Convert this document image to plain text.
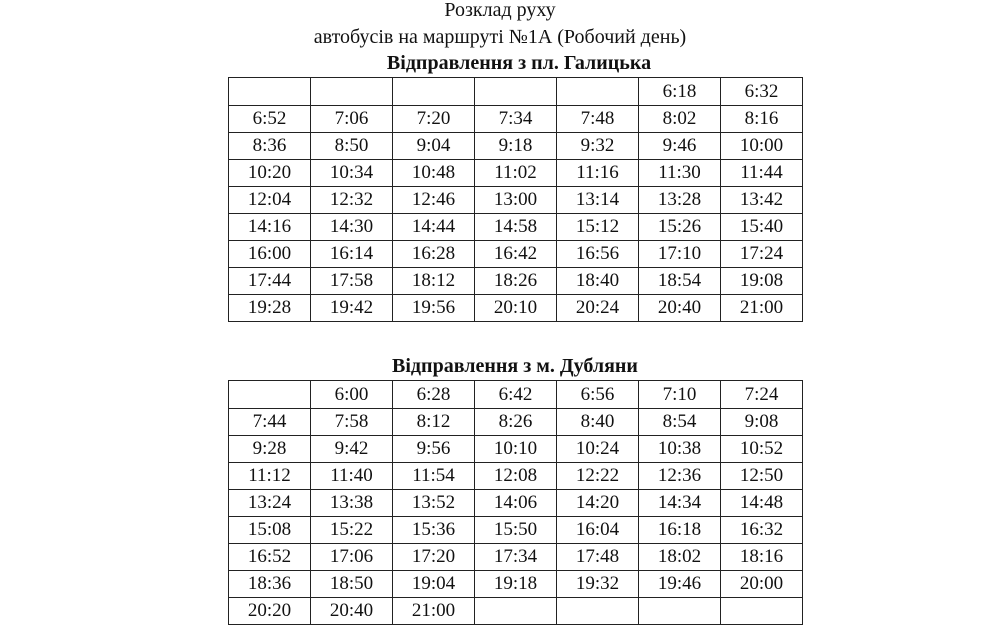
Розклад руху
автобусів на маршруті №1А (Робочий день)
Відправлення з пл. Галицька
					6:18	6:32
6:52	7:06	7:20	7:34	7:48	8:02	8:16
8:36	8:50	9:04	9:18	9:32	9:46	10:00
10:20	10:34	10:48	11:02	11:16	11:30	11:44
12:04	12:32	12:46	13:00	13:14	13:28	13:42
14:16	14:30	14:44	14:58	15:12	15:26	15:40
16:00	16:14	16:28	16:42	16:56	17:10	17:24
17:44	17:58	18:12	18:26	18:40	18:54	19:08
19:28	19:42	19:56	20:10	20:24	20:40	21:00
Відправлення з м. Дубляни
	6:00	6:28	6:42	6:56	7:10	7:24
7:44	7:58	8:12	8:26	8:40	8:54	9:08
9:28	9:42	9:56	10:10	10:24	10:38	10:52
11:12	11:40	11:54	12:08	12:22	12:36	12:50
13:24	13:38	13:52	14:06	14:20	14:34	14:48
15:08	15:22	15:36	15:50	16:04	16:18	16:32
16:52	17:06	17:20	17:34	17:48	18:02	18:16
18:36	18:50	19:04	19:18	19:32	19:46	20:00
20:20	20:40	21:00				
